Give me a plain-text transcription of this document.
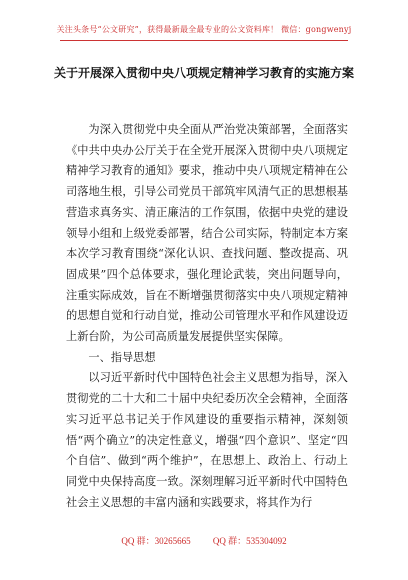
关注头条号“公文研究”，获得最新最全最专业的公文资料库！ 微信：gongwenyj
关于开展深入贯彻中央八项规定精神学习教育的实施方案

为深入贯彻党中央全面从严治党决策部署，全面落实《中共中央办公厅关于在全党开展深入贯彻中央八项规定精神学习教育的通知》要求，推动中央八项规定精神在公司落地生根，引导公司党员干部筑牢风清气正的思想根基营造求真务实、清正廉洁的工作氛围，依据中央党的建设领导小组和上级党委部署，结合公司实际，特制定本方案本次学习教育围绕“深化认识、查找问题、整改提高、巩固成果”四个总体要求，强化理论武装，突出问题导向，注重实际成效，旨在不断增强贯彻落实中央八项规定精神的思想自觉和行动自觉，推动公司管理水平和作风建设迈上新台阶，为公司高质量发展提供坚实保障。

一、指导思想

以习近平新时代中国特色社会主义思想为指导，深入贯彻党的二十大和二十届中央纪委历次全会精神，全面落实习近平总书记关于作风建设的重要指示精神，深刻领悟“两个确立”的决定性意义，增强“四个意识”、坚定“四个自信”、做到“两个维护”，在思想上、政治上、行动上同党中央保持高度一致。深刻理解习近平新时代中国特色社会主义思想的丰富内涵和实践要求，将其作为行

QQ 群：30265665 QQ 群：535304092
